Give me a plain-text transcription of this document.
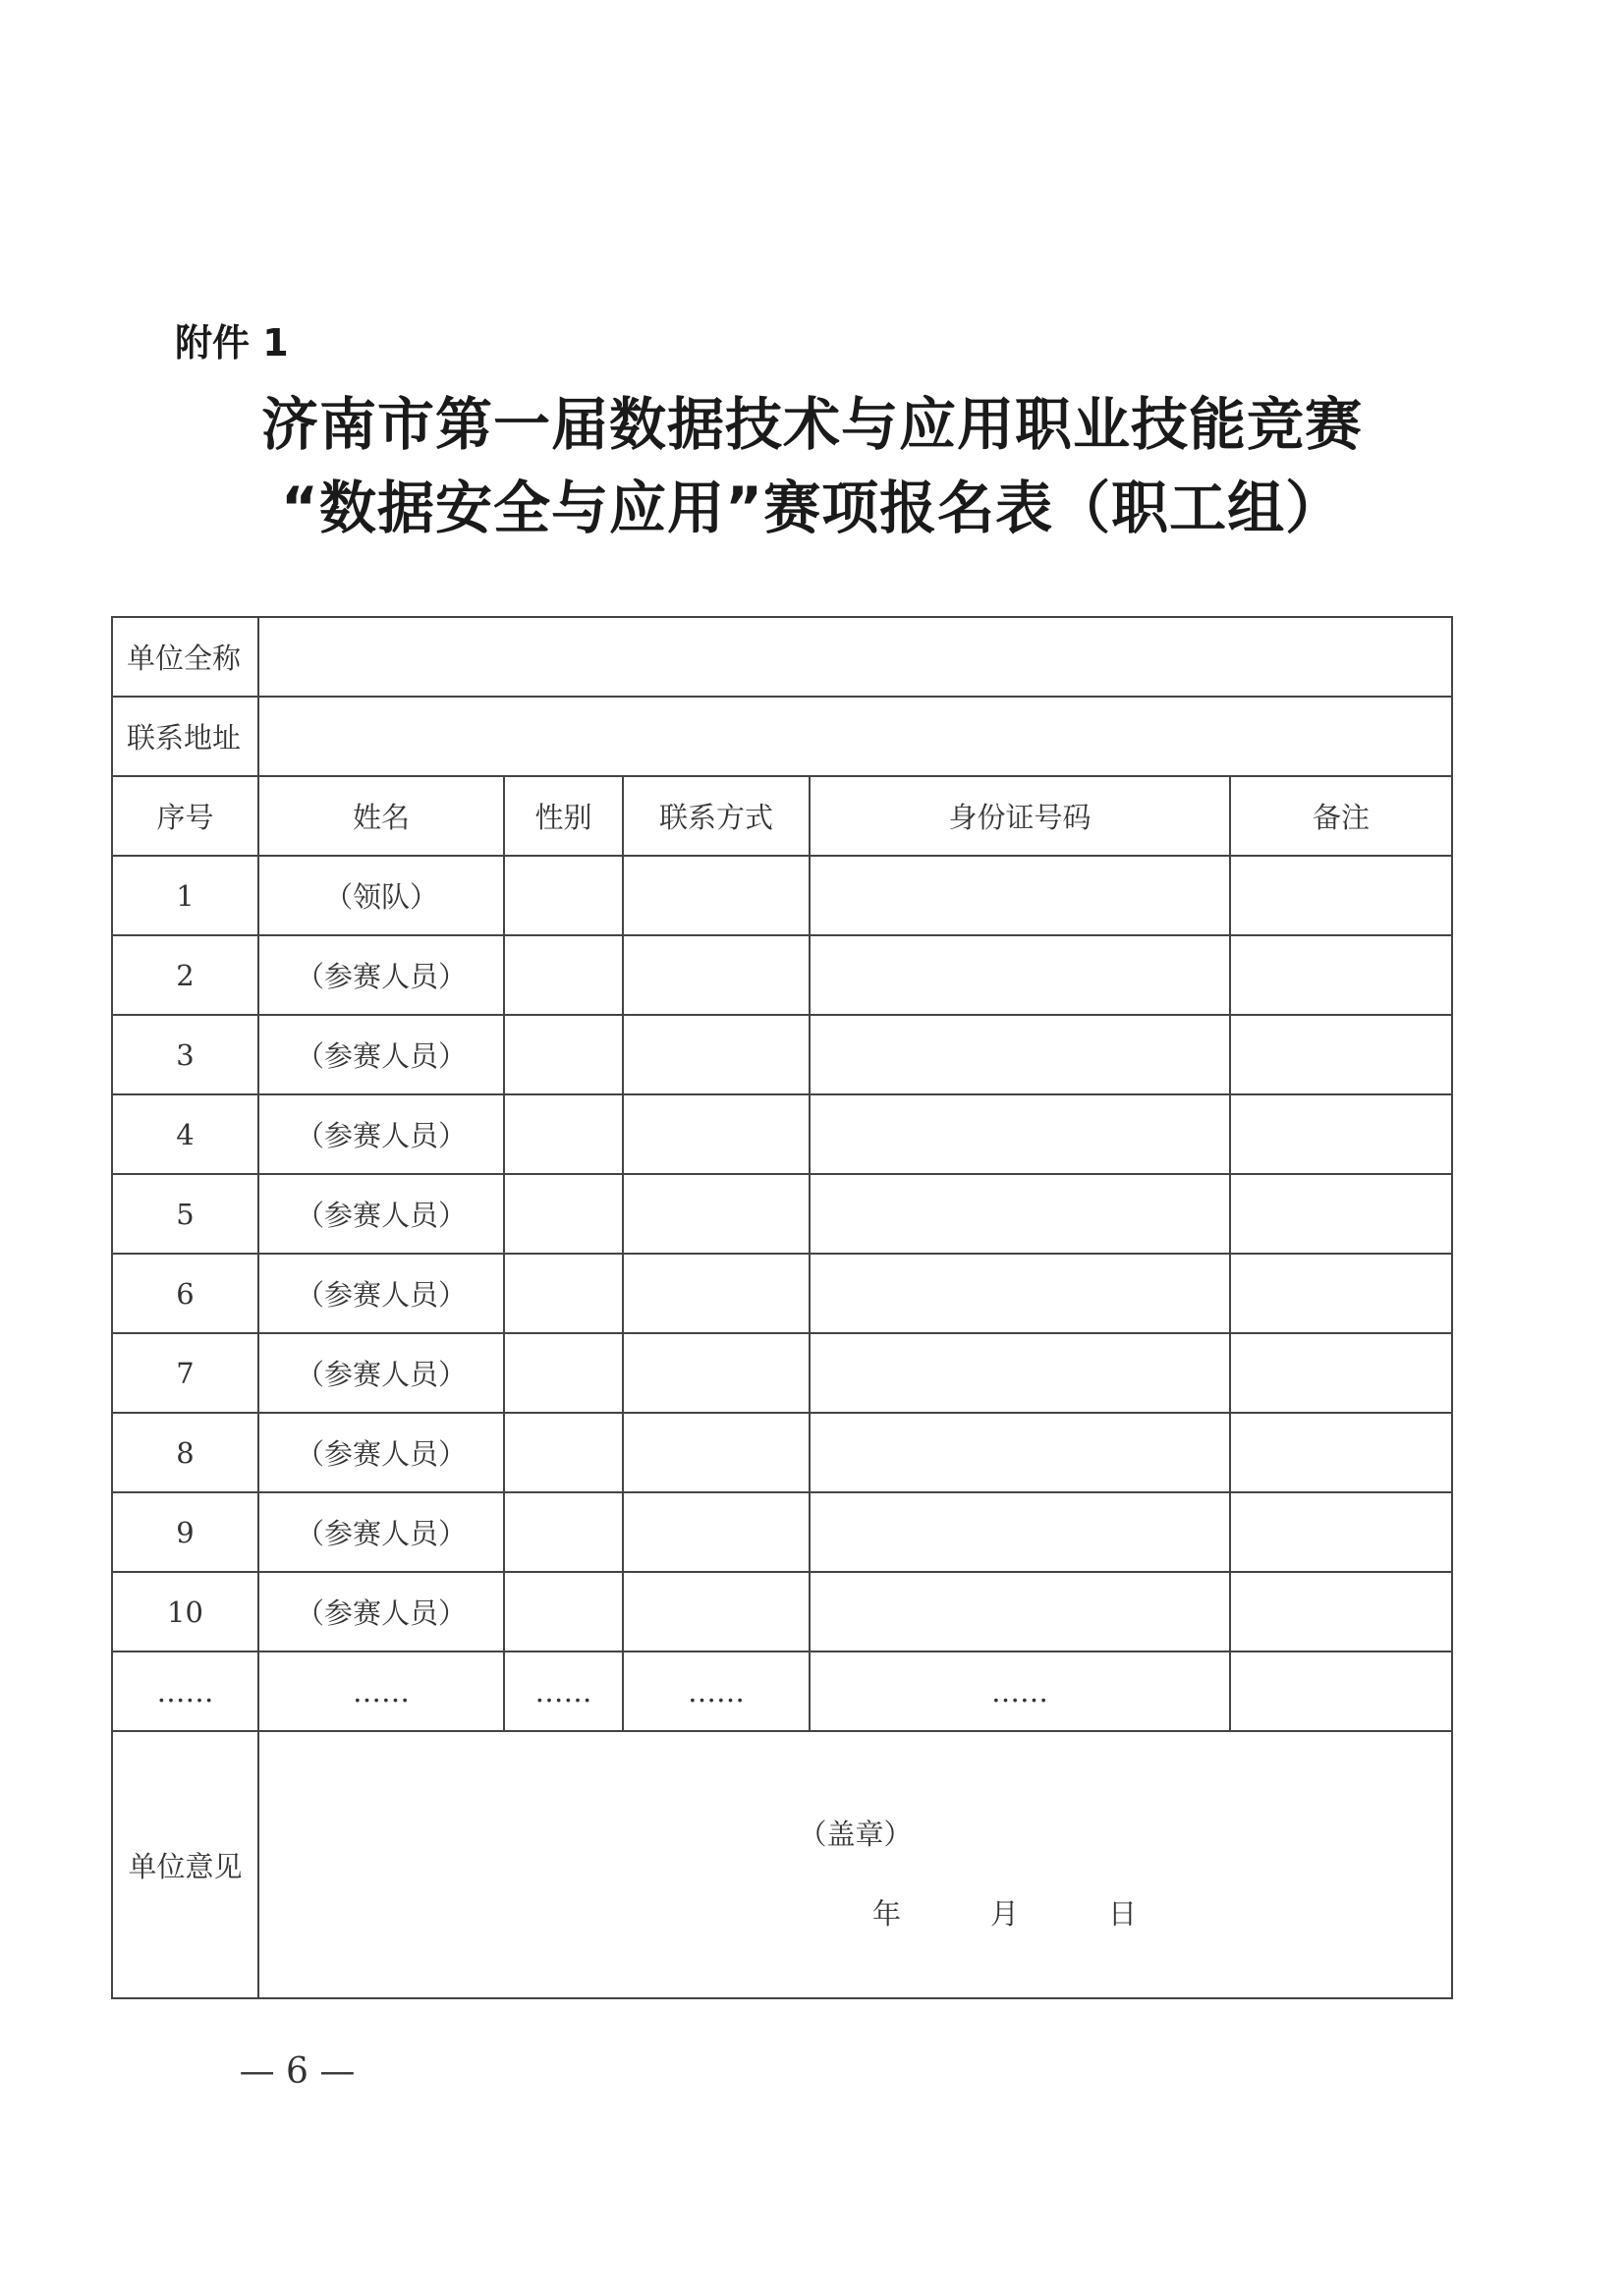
附件 1
济南市第一届数据技术与应用职业技能竞赛
“数据安全与应用”赛项报名表（职工组）
单位全称					
联系地址					
序号	姓名	性别	联系方式	身份证号码	备注
1	（领队）				
2	（参赛人员）				
3	（参赛人员）				
4	（参赛人员）				
5	（参赛人员）				
6	（参赛人员）				
7	（参赛人员）				
8	（参赛人员）				
9	（参赛人员）				
10	（参赛人员）				
……	……	……	……	……	
单位意见	（盖章）
年 月 日				
— 6 —
